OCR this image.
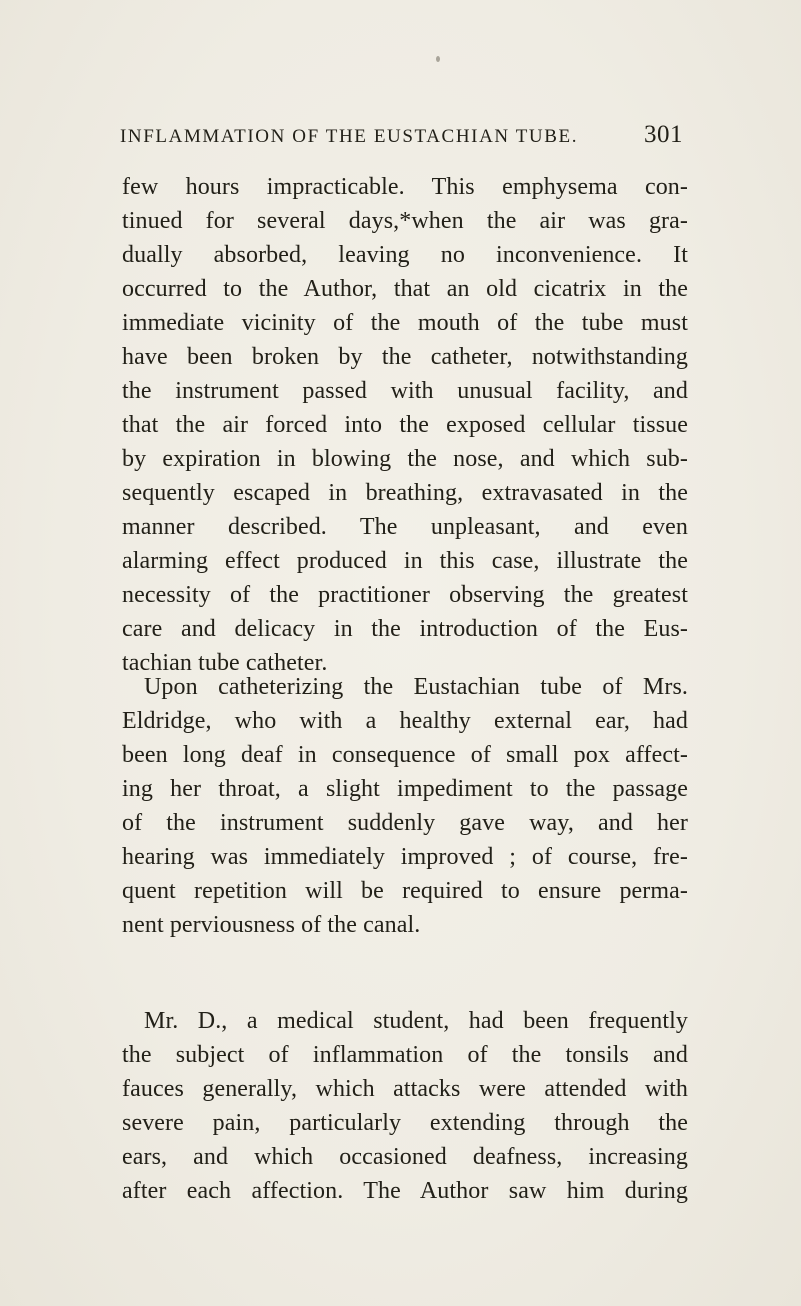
INFLAMMATION OF THE EUSTACHIAN TUBE.	301
few hours impracticable. This emphysema con-
tinued for several days,*when the air was gra-
dually absorbed, leaving no inconvenience. It
occurred to the Author, that an old cicatrix in the
immediate vicinity of the mouth of the tube must
have been broken by the catheter, notwithstanding
the instrument passed with unusual facility, and
that the air forced into the exposed cellular tissue
by expiration in blowing the nose, and which sub-
sequently escaped in breathing, extravasated in the
manner described. The unpleasant, and even
alarming effect produced in this case, illustrate the
necessity of the practitioner observing the greatest
care and delicacy in the introduction of the Eus-
tachian tube catheter.
Upon catheterizing the Eustachian tube of Mrs.
Eldridge, who with a healthy external ear, had
been long deaf in consequence of small pox affect-
ing her throat, a slight impediment to the passage
of the instrument suddenly gave way, and her
hearing was immediately improved ; of course, fre-
quent repetition will be required to ensure perma-
nent perviousness of the canal.
Mr. D., a medical student, had been frequently
the subject of inflammation of the tonsils and
fauces generally, which attacks were attended with
severe pain, particularly extending through the
ears, and which occasioned deafness, increasing
after each affection. The Author saw him during
